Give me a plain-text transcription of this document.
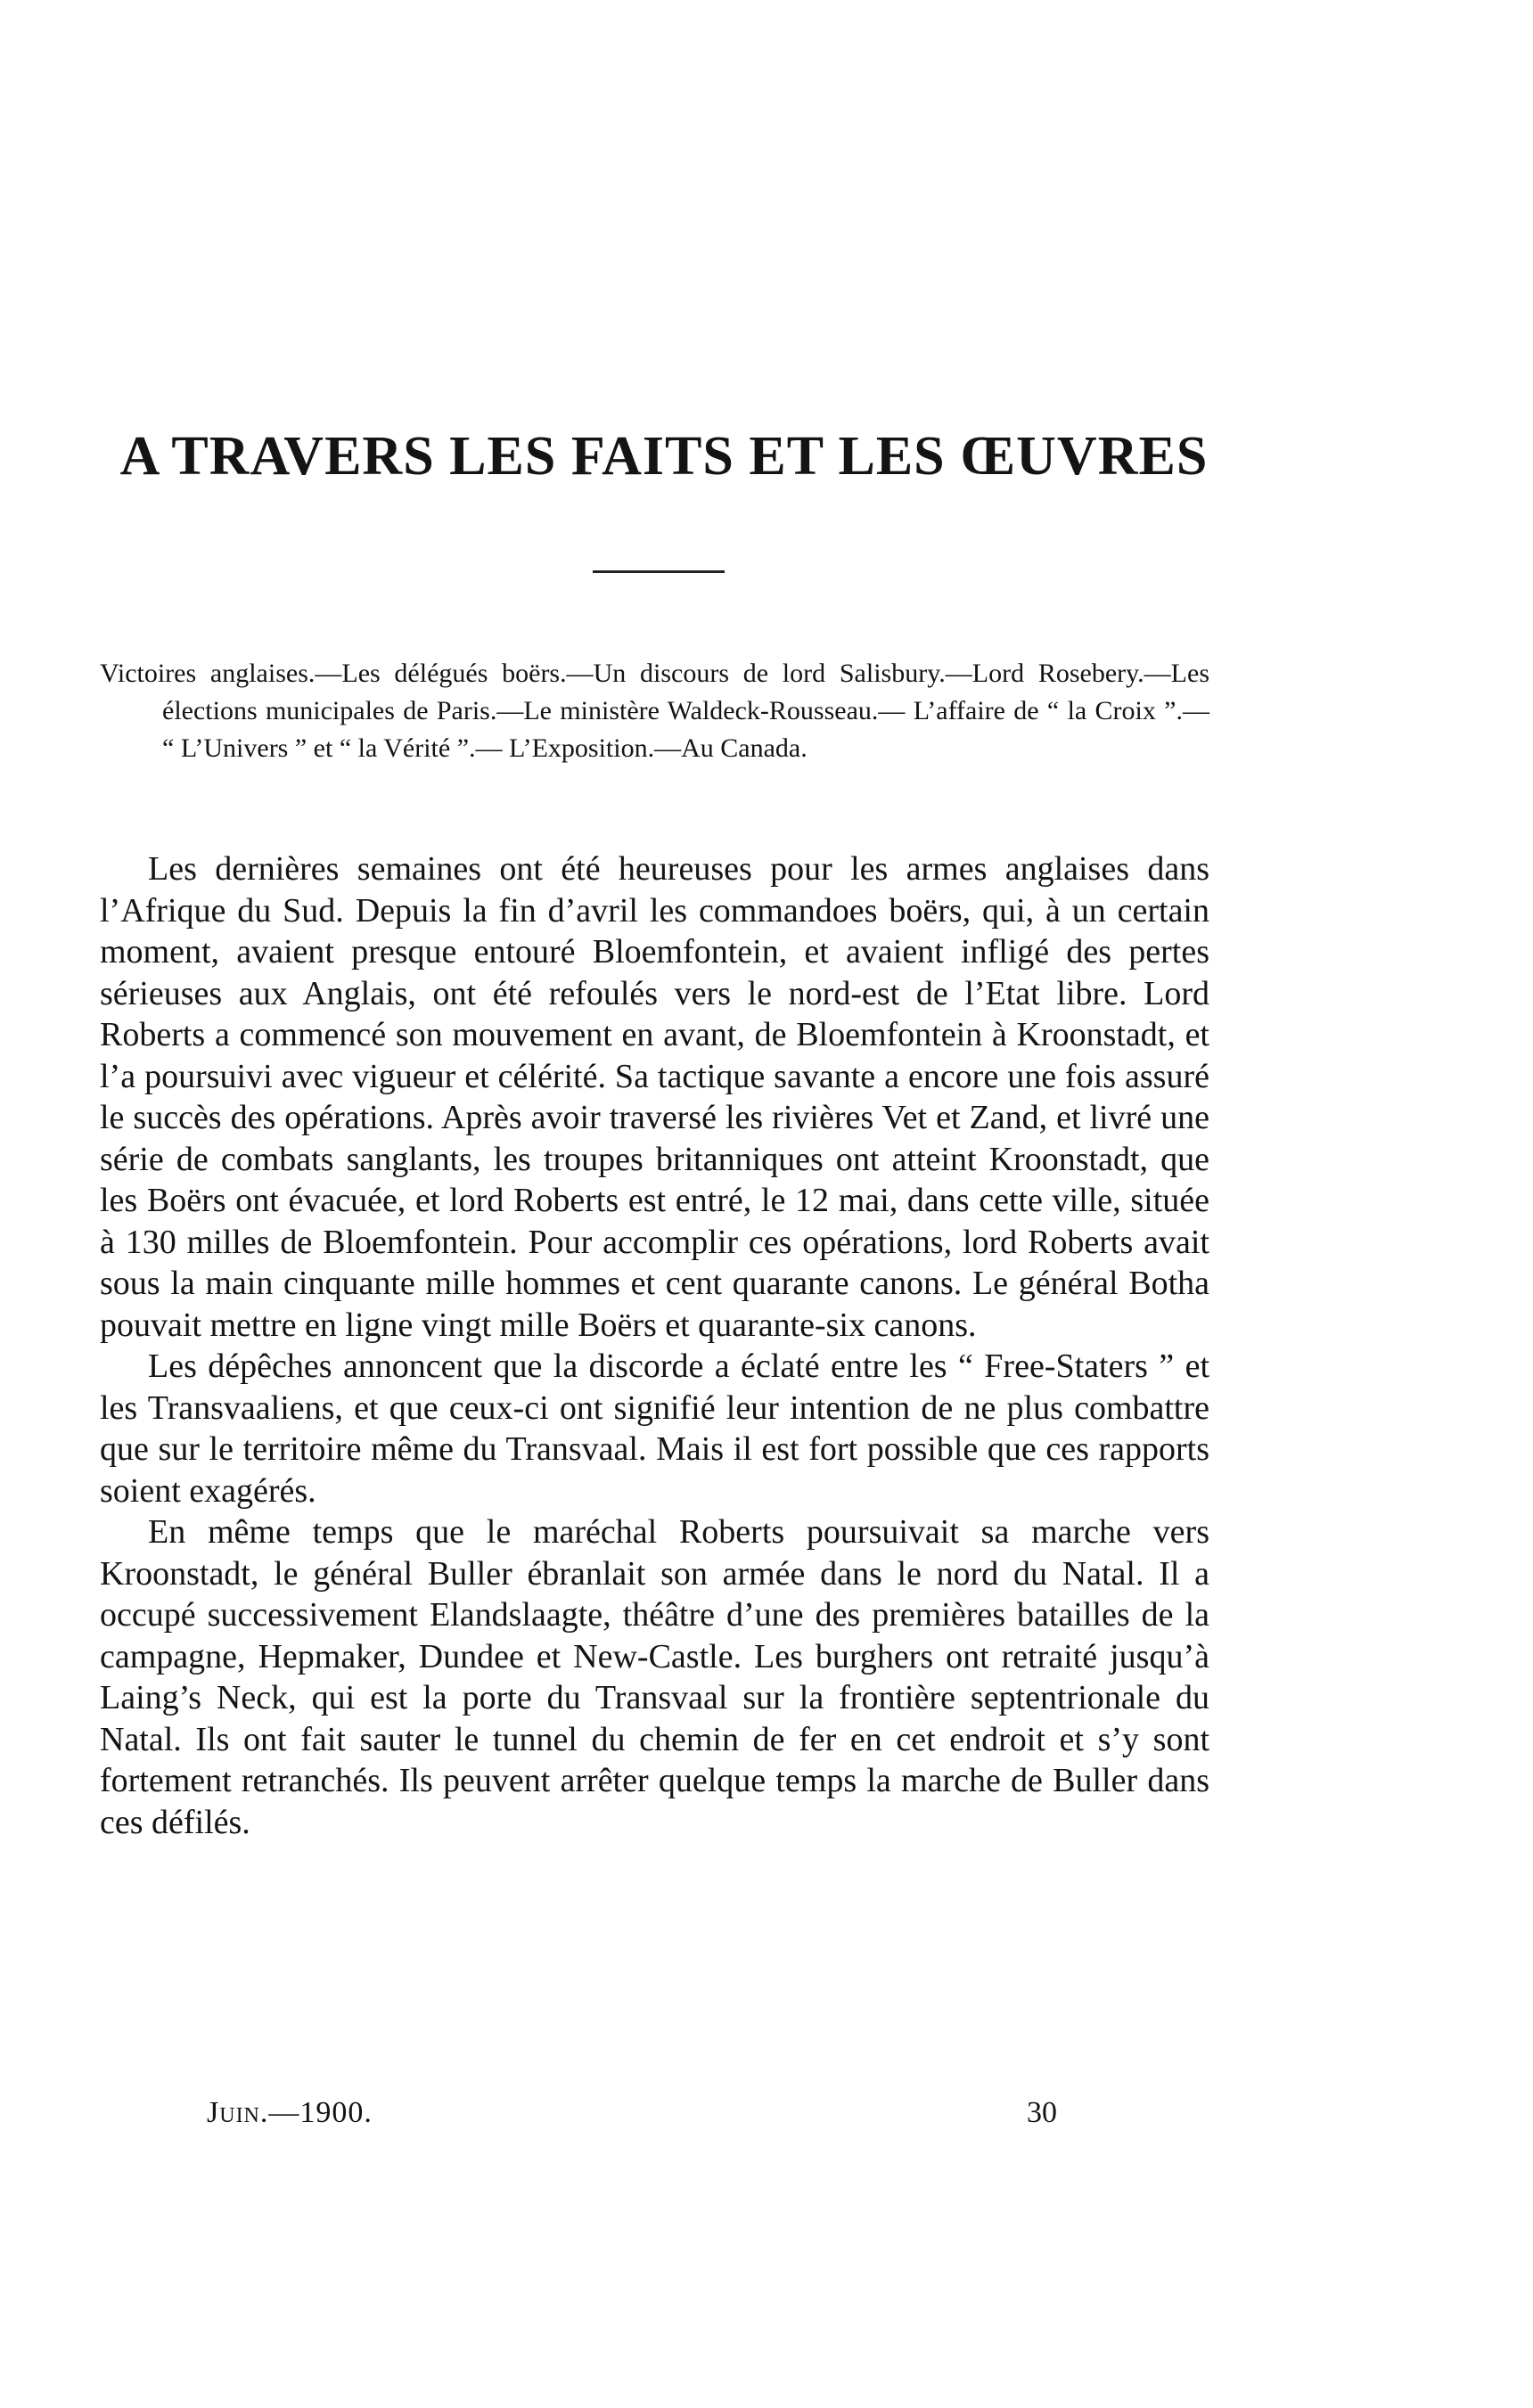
A TRAVERS LES FAITS ET LES ŒUVRES

Victoires anglaises.—Les délégués boërs.—Un discours de lord Salisbury.—Lord Rosebery.—Les élections municipales de Paris.—Le ministère Waldeck-Rousseau.— L’affaire de “ la Croix ”.— “ L’Univers ” et “ la Vérité ”.— L’Exposition.—Au Canada.

Les dernières semaines ont été heureuses pour les armes anglaises dans l’Afrique du Sud. Depuis la fin d’avril les commandoes boërs, qui, à un certain moment, avaient presque entouré Bloemfontein, et avaient infligé des pertes sérieuses aux Anglais, ont été refoulés vers le nord-est de l’Etat libre. Lord Roberts a commencé son mouvement en avant, de Bloemfontein à Kroonstadt, et l’a poursuivi avec vigueur et célérité. Sa tactique savante a encore une fois assuré le succès des opérations. Après avoir traversé les rivières Vet et Zand, et livré une série de combats sanglants, les troupes britanniques ont atteint Kroonstadt, que les Boërs ont évacuée, et lord Roberts est entré, le 12 mai, dans cette ville, située à 130 milles de Bloemfontein. Pour accomplir ces opérations, lord Roberts avait sous la main cinquante mille hommes et cent quarante canons. Le général Botha pouvait mettre en ligne vingt mille Boërs et quarante-six canons.

Les dépêches annoncent que la discorde a éclaté entre les “ Free-Staters ” et les Transvaaliens, et que ceux-ci ont signifié leur intention de ne plus combattre que sur le territoire même du Transvaal. Mais il est fort possible que ces rapports soient exagérés.

En même temps que le maréchal Roberts poursuivait sa marche vers Kroonstadt, le général Buller ébranlait son armée dans le nord du Natal. Il a occupé successivement Elandslaagte, théâtre d’une des premières batailles de la campagne, Hepmaker, Dundee et New-Castle. Les burghers ont retraité jusqu’à Laing’s Neck, qui est la porte du Transvaal sur la frontière septentrionale du Natal. Ils ont fait sauter le tunnel du chemin de fer en cet endroit et s’y sont fortement retranchés. Ils peuvent arrêter quelque temps la marche de Buller dans ces défilés.

Juin.—1900.	30
